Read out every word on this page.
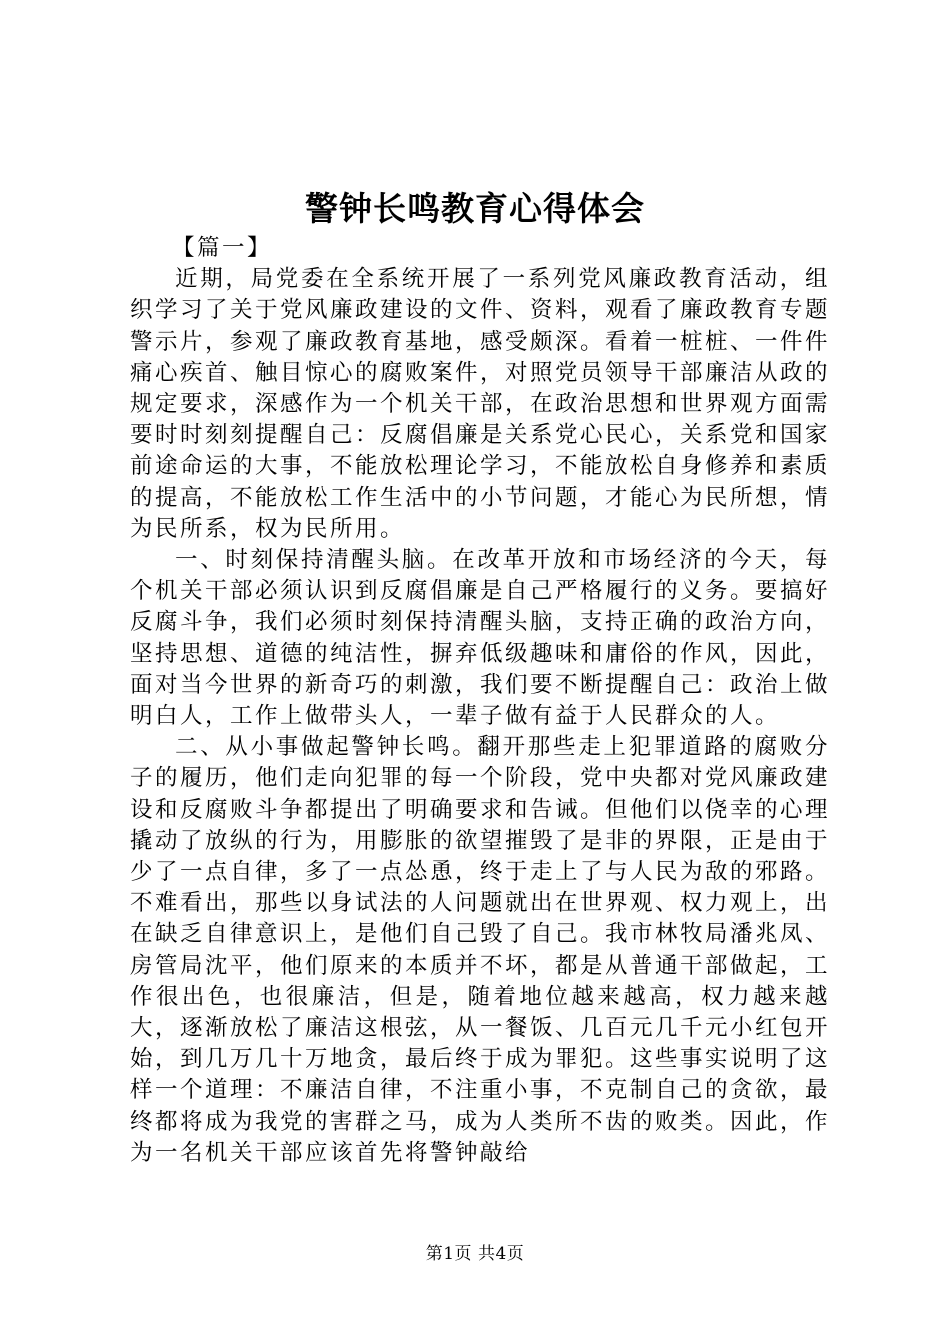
警钟长鸣教育心得体会

【篇一】

近期，局党委在全系统开展了一系列党风廉政教育活动，组织学习了关于党风廉政建设的文件、资料，观看了廉政教育专题警示片，参观了廉政教育基地，感受颇深。看着一桩桩、一件件痛心疾首、触目惊心的腐败案件，对照党员领导干部廉洁从政的规定要求，深感作为一个机关干部，在政治思想和世界观方面需要时时刻刻提醒自己：反腐倡廉是关系党心民心，关系党和国家前途命运的大事，不能放松理论学习，不能放松自身修养和素质的提高，不能放松工作生活中的小节问题，才能心为民所想，情为民所系，权为民所用。

一、时刻保持清醒头脑。在改革开放和市场经济的今天，每个机关干部必须认识到反腐倡廉是自己严格履行的义务。要搞好反腐斗争，我们必须时刻保持清醒头脑，支持正确的政治方向，坚持思想、道德的纯洁性，摒弃低级趣味和庸俗的作风，因此，面对当今世界的新奇巧的刺激，我们要不断提醒自己：政治上做明白人，工作上做带头人，一辈子做有益于人民群众的人。

二、从小事做起警钟长鸣。翻开那些走上犯罪道路的腐败分子的履历，他们走向犯罪的每一个阶段，党中央都对党风廉政建设和反腐败斗争都提出了明确要求和告诫。但他们以侥幸的心理撬动了放纵的行为，用膨胀的欲望摧毁了是非的界限，正是由于少了一点自律，多了一点怂恿，终于走上了与人民为敌的邪路。不难看出，那些以身试法的人问题就出在世界观、权力观上，出在缺乏自律意识上，是他们自己毁了自己。我市林牧局潘兆凤、房管局沈平，他们原来的本质并不坏，都是从普通干部做起，工作很出色，也很廉洁，但是，随着地位越来越高，权力越来越大，逐渐放松了廉洁这根弦，从一餐饭、几百元几千元小红包开始，到几万几十万地贪，最后终于成为罪犯。这些事实说明了这样一个道理：不廉洁自律，不注重小事，不克制自己的贪欲，最终都将成为我党的害群之马，成为人类所不齿的败类。因此，作为一名机关干部应该首先将警钟敲给

第1页 共4页
